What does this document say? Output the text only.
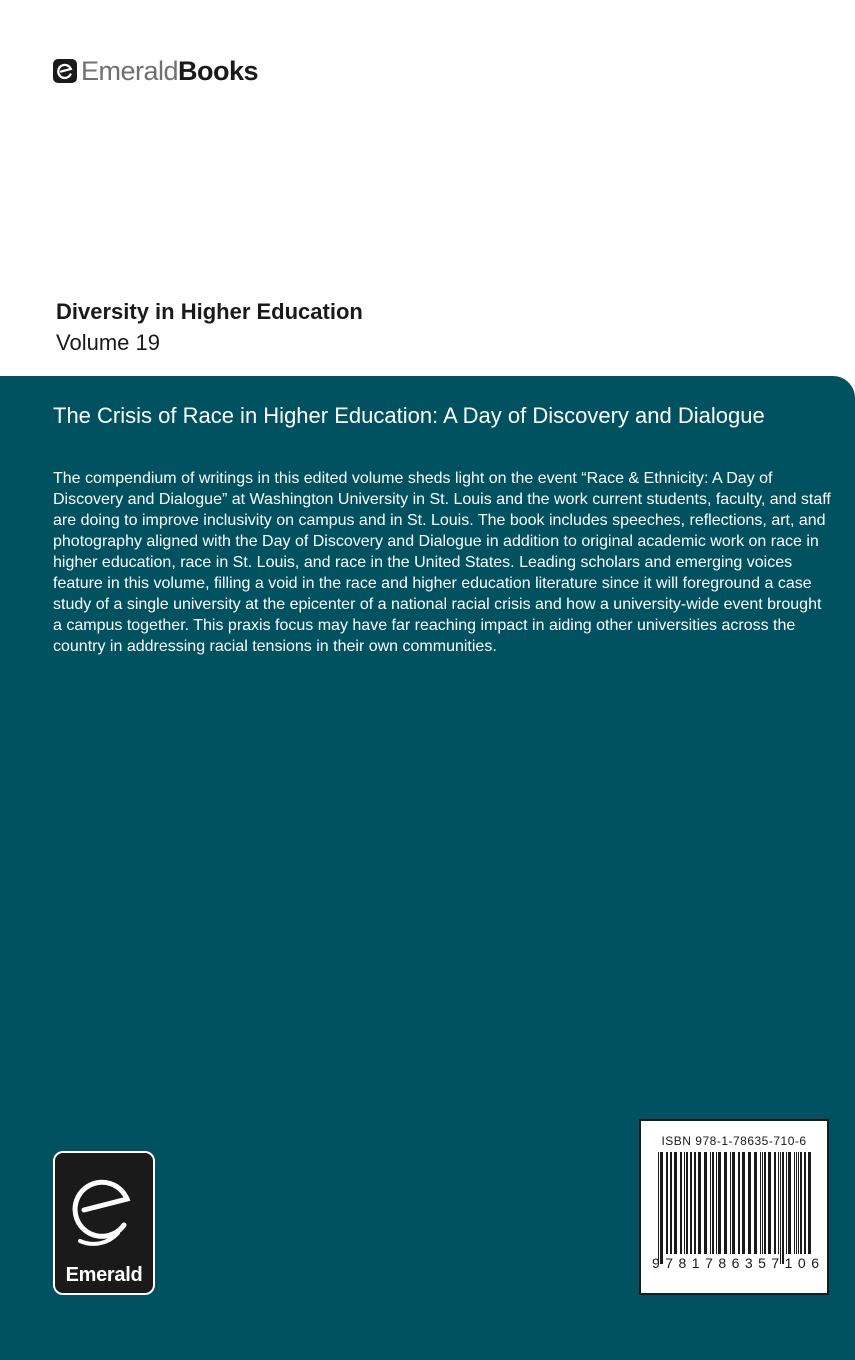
Emerald Books
Diversity in Higher Education
Volume 19
The Crisis of Race in Higher Education: A Day of Discovery and Dialogue
The compendium of writings in this edited volume sheds light on the event “Race & Ethnicity: A Day of Discovery and Dialogue” at Washington University in St. Louis and the work current students, faculty, and staff are doing to improve inclusivity on campus and in St. Louis. The book includes speeches, reflections, art, and photography aligned with the Day of Discovery and Dialogue in addition to original academic work on race in higher education, race in St. Louis, and race in the United States. Leading scholars and emerging voices feature in this volume, filling a void in the race and higher education literature since it will foreground a case study of a single university at the epicenter of a national racial crisis and how a university-wide event brought a campus together. This praxis focus may have far reaching impact in aiding other universities across the country in addressing racial tensions in their own communities.
Emerald
ISBN 978-1-78635-710-6
9 7 8 1 7 8 6 3 5 7 1 0 6
